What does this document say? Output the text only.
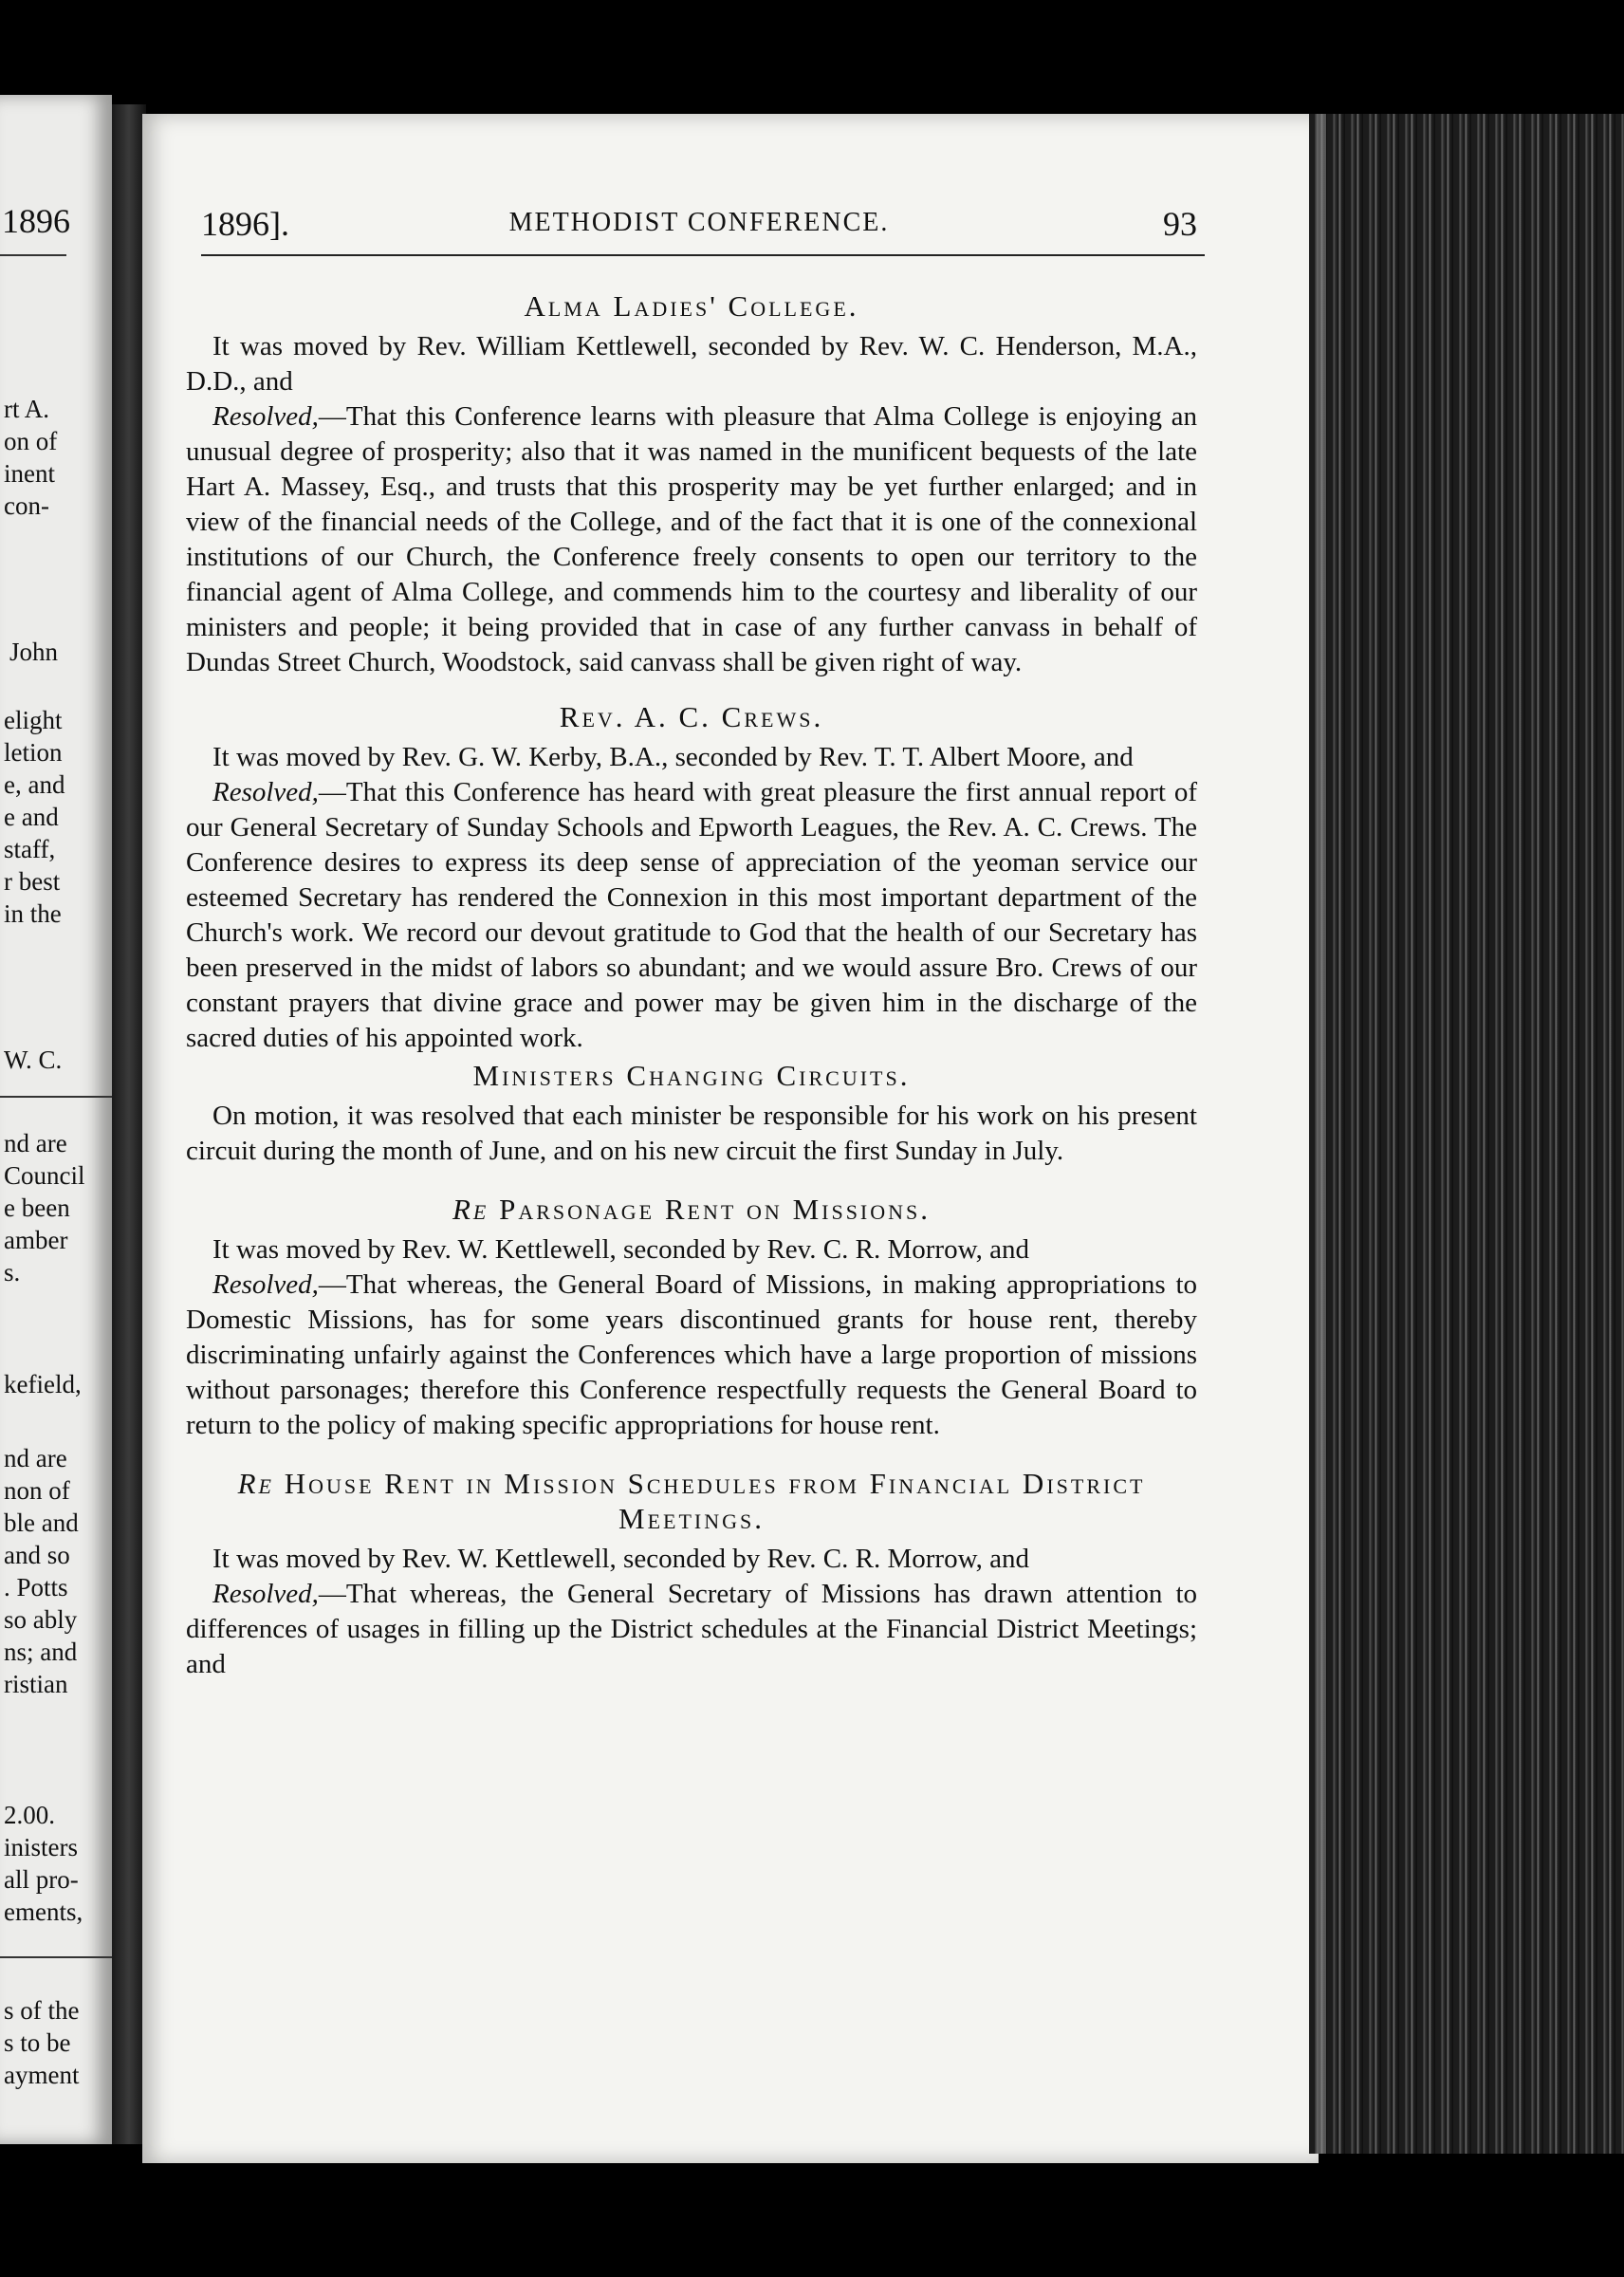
1896
rt A.
on of
inent
con-
John
elight
letion
e, and
e and
staff,
r best
in the
W. C.
nd are
Council
e been
amber
s.
kefield,
nd are
non of
ble and
and so
. Potts
so ably
ns; and
ristian
2.00.
inisters
all pro-
ements,
s of the
s to be
ayment
1896].	METHODIST CONFERENCE.	93
Alma Ladies' College.

It was moved by Rev. William Kettlewell, seconded by Rev. W. C. Henderson, M.A., D.D., and

Resolved,—That this Conference learns with pleasure that Alma College is enjoying an unusual degree of prosperity; also that it was named in the munificent bequests of the late Hart A. Massey, Esq., and trusts that this prosperity may be yet further enlarged; and in view of the financial needs of the College, and of the fact that it is one of the connexional institutions of our Church, the Conference freely consents to open our territory to the financial agent of Alma College, and commends him to the courtesy and liberality of our ministers and people; it being provided that in case of any further canvass in behalf of Dundas Street Church, Woodstock, said canvass shall be given right of way.

Rev. A. C. Crews.

It was moved by Rev. G. W. Kerby, B.A., seconded by Rev. T. T. Albert Moore, and

Resolved,—That this Conference has heard with great pleasure the first annual report of our General Secretary of Sunday Schools and Epworth Leagues, the Rev. A. C. Crews. The Conference desires to express its deep sense of appreciation of the yeoman service our esteemed Secretary has rendered the Connexion in this most important department of the Church's work. We record our devout gratitude to God that the health of our Secretary has been preserved in the midst of labors so abundant; and we would assure Bro. Crews of our constant prayers that divine grace and power may be given him in the discharge of the sacred duties of his appointed work.

Ministers Changing Circuits.

On motion, it was resolved that each minister be responsible for his work on his present circuit during the month of June, and on his new circuit the first Sunday in July.

Re Parsonage Rent on Missions.

It was moved by Rev. W. Kettlewell, seconded by Rev. C. R. Morrow, and

Resolved,—That whereas, the General Board of Missions, in making appropriations to Domestic Missions, has for some years discontinued grants for house rent, thereby discriminating unfairly against the Conferences which have a large proportion of missions without parsonages; therefore this Conference respectfully requests the General Board to return to the policy of making specific appropriations for house rent.

Re House Rent in Mission Schedules from Financial District Meetings.

It was moved by Rev. W. Kettlewell, seconded by Rev. C. R. Morrow, and

Resolved,—That whereas, the General Secretary of Missions has drawn attention to differences of usages in filling up the District schedules at the Financial District Meetings; and
